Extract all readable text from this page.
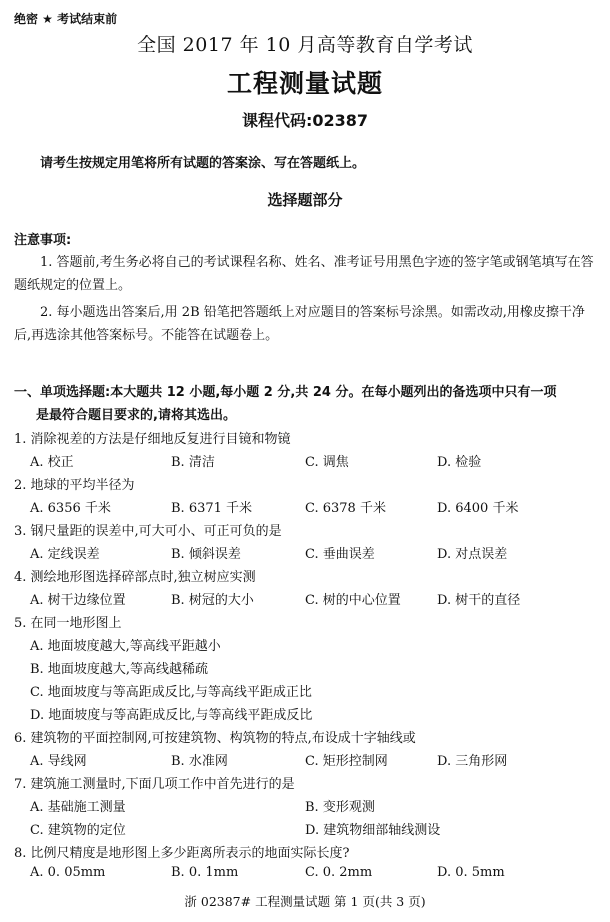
绝密 ★ 考试结束前
全国 2017 年 10 月高等教育自学考试
工程测量试题
课程代码:02387
请考生按规定用笔将所有试题的答案涂、写在答题纸上。
选择题部分
注意事项:
1. 答题前,考生务必将自己的考试课程名称、姓名、准考证号用黑色字迹的签字笔或钢笔填写在答题纸规定的位置上。
2. 每小题选出答案后,用 2B 铅笔把答题纸上对应题目的答案标号涂黑。如需改动,用橡皮擦干净后,再选涂其他答案标号。不能答在试题卷上。
一、单项选择题:本大题共 12 小题,每小题 2 分,共 24 分。在每小题列出的备选项中只有一项
是最符合题目要求的,请将其选出。
1. 消除视差的方法是仔细地反复进行目镜和物镜
A. 校正	B. 清洁	C. 调焦	D. 检验
2. 地球的平均半径为
A. 6356 千米	B. 6371 千米	C. 6378 千米	D. 6400 千米
3. 钢尺量距的误差中,可大可小、可正可负的是
A. 定线误差	B. 倾斜误差	C. 垂曲误差	D. 对点误差
4. 测绘地形图选择碎部点时,独立树应实测
A. 树干边缘位置	B. 树冠的大小	C. 树的中心位置	D. 树干的直径
5. 在同一地形图上
A. 地面坡度越大,等高线平距越小
B. 地面坡度越大,等高线越稀疏
C. 地面坡度与等高距成反比,与等高线平距成正比
D. 地面坡度与等高距成反比,与等高线平距成反比
6. 建筑物的平面控制网,可按建筑物、构筑物的特点,布设成十字轴线或
A. 导线网	B. 水准网	C. 矩形控制网	D. 三角形网
7. 建筑施工测量时,下面几项工作中首先进行的是
A. 基础施工测量	B. 变形观测
C. 建筑物的定位	D. 建筑物细部轴线测设
8. 比例尺精度是地形图上多少距离所表示的地面实际长度?
A. 0. 05mm	B. 0. 1mm	C. 0. 2mm	D. 0. 5mm
浙 02387# 工程测量试题 第 1 页(共 3 页)
